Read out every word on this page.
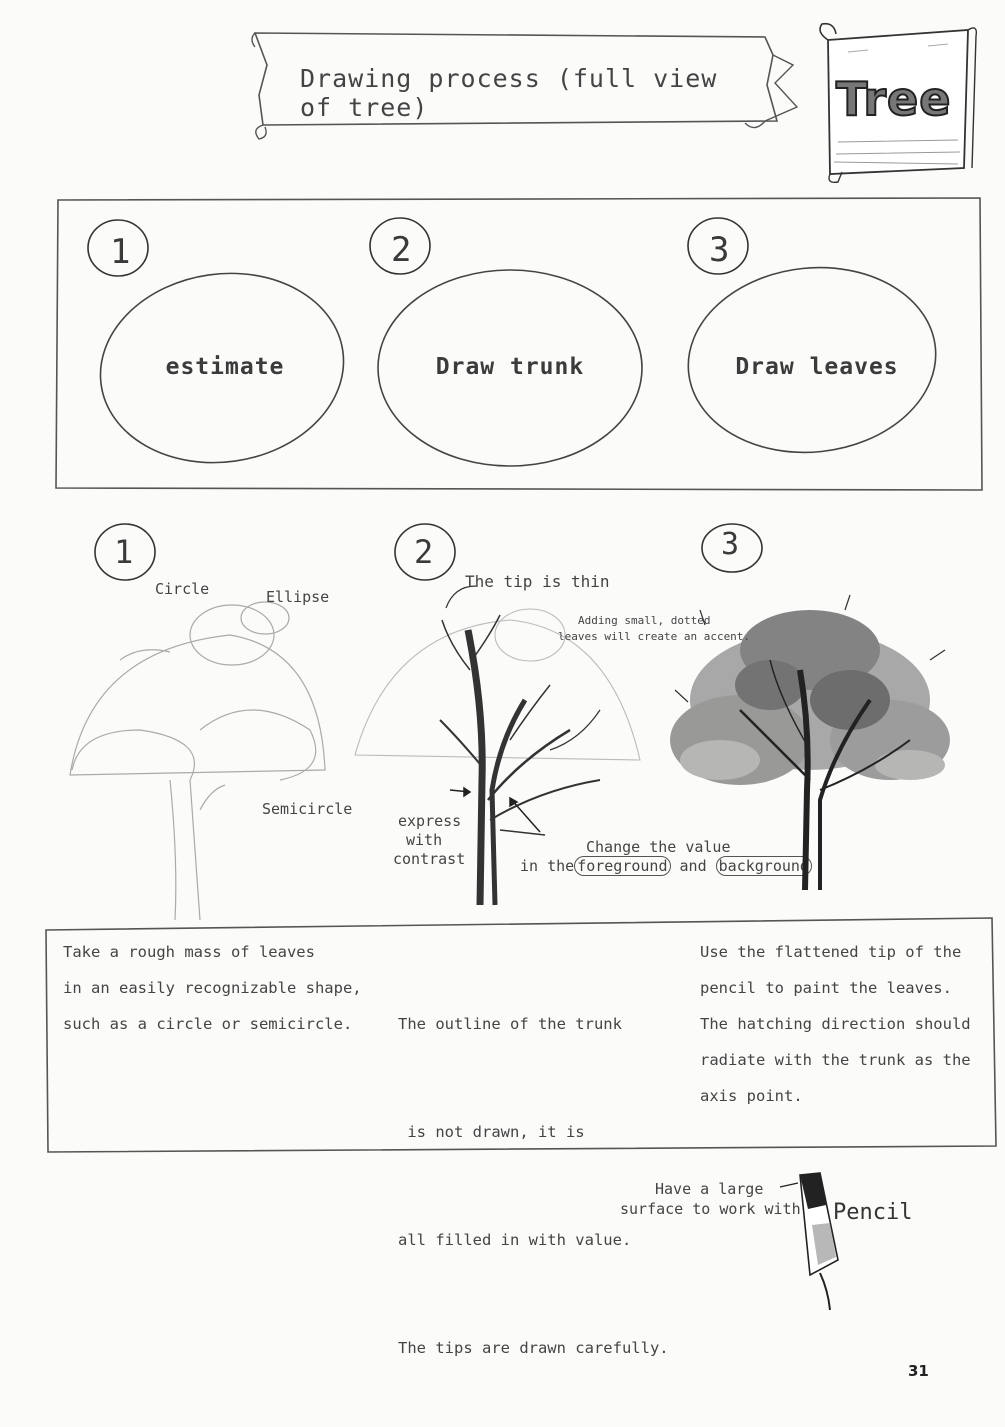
Drawing process (full view of tree)	Tree
1	2	3
estimate	Draw trunk	Draw leaves
1	2	3
Circle	Ellipse
Semicircle
The tip is thin
express
with
contrast
Change the value
in the foreground and background
Adding small, dotted
leaves will create an accent.
Take a rough mass of leaves
in an easily recognizable shape,
such as a circle or semicircle.

	The outline of the trunk

is not drawn, it is

all filled in with value.

The tips are drawn carefully.

Use the flattened tip of the
pencil to paint the leaves.
The hatching direction should
radiate with the trunk as the
axis point.
Pencil
Have a large
surface to work with
31
